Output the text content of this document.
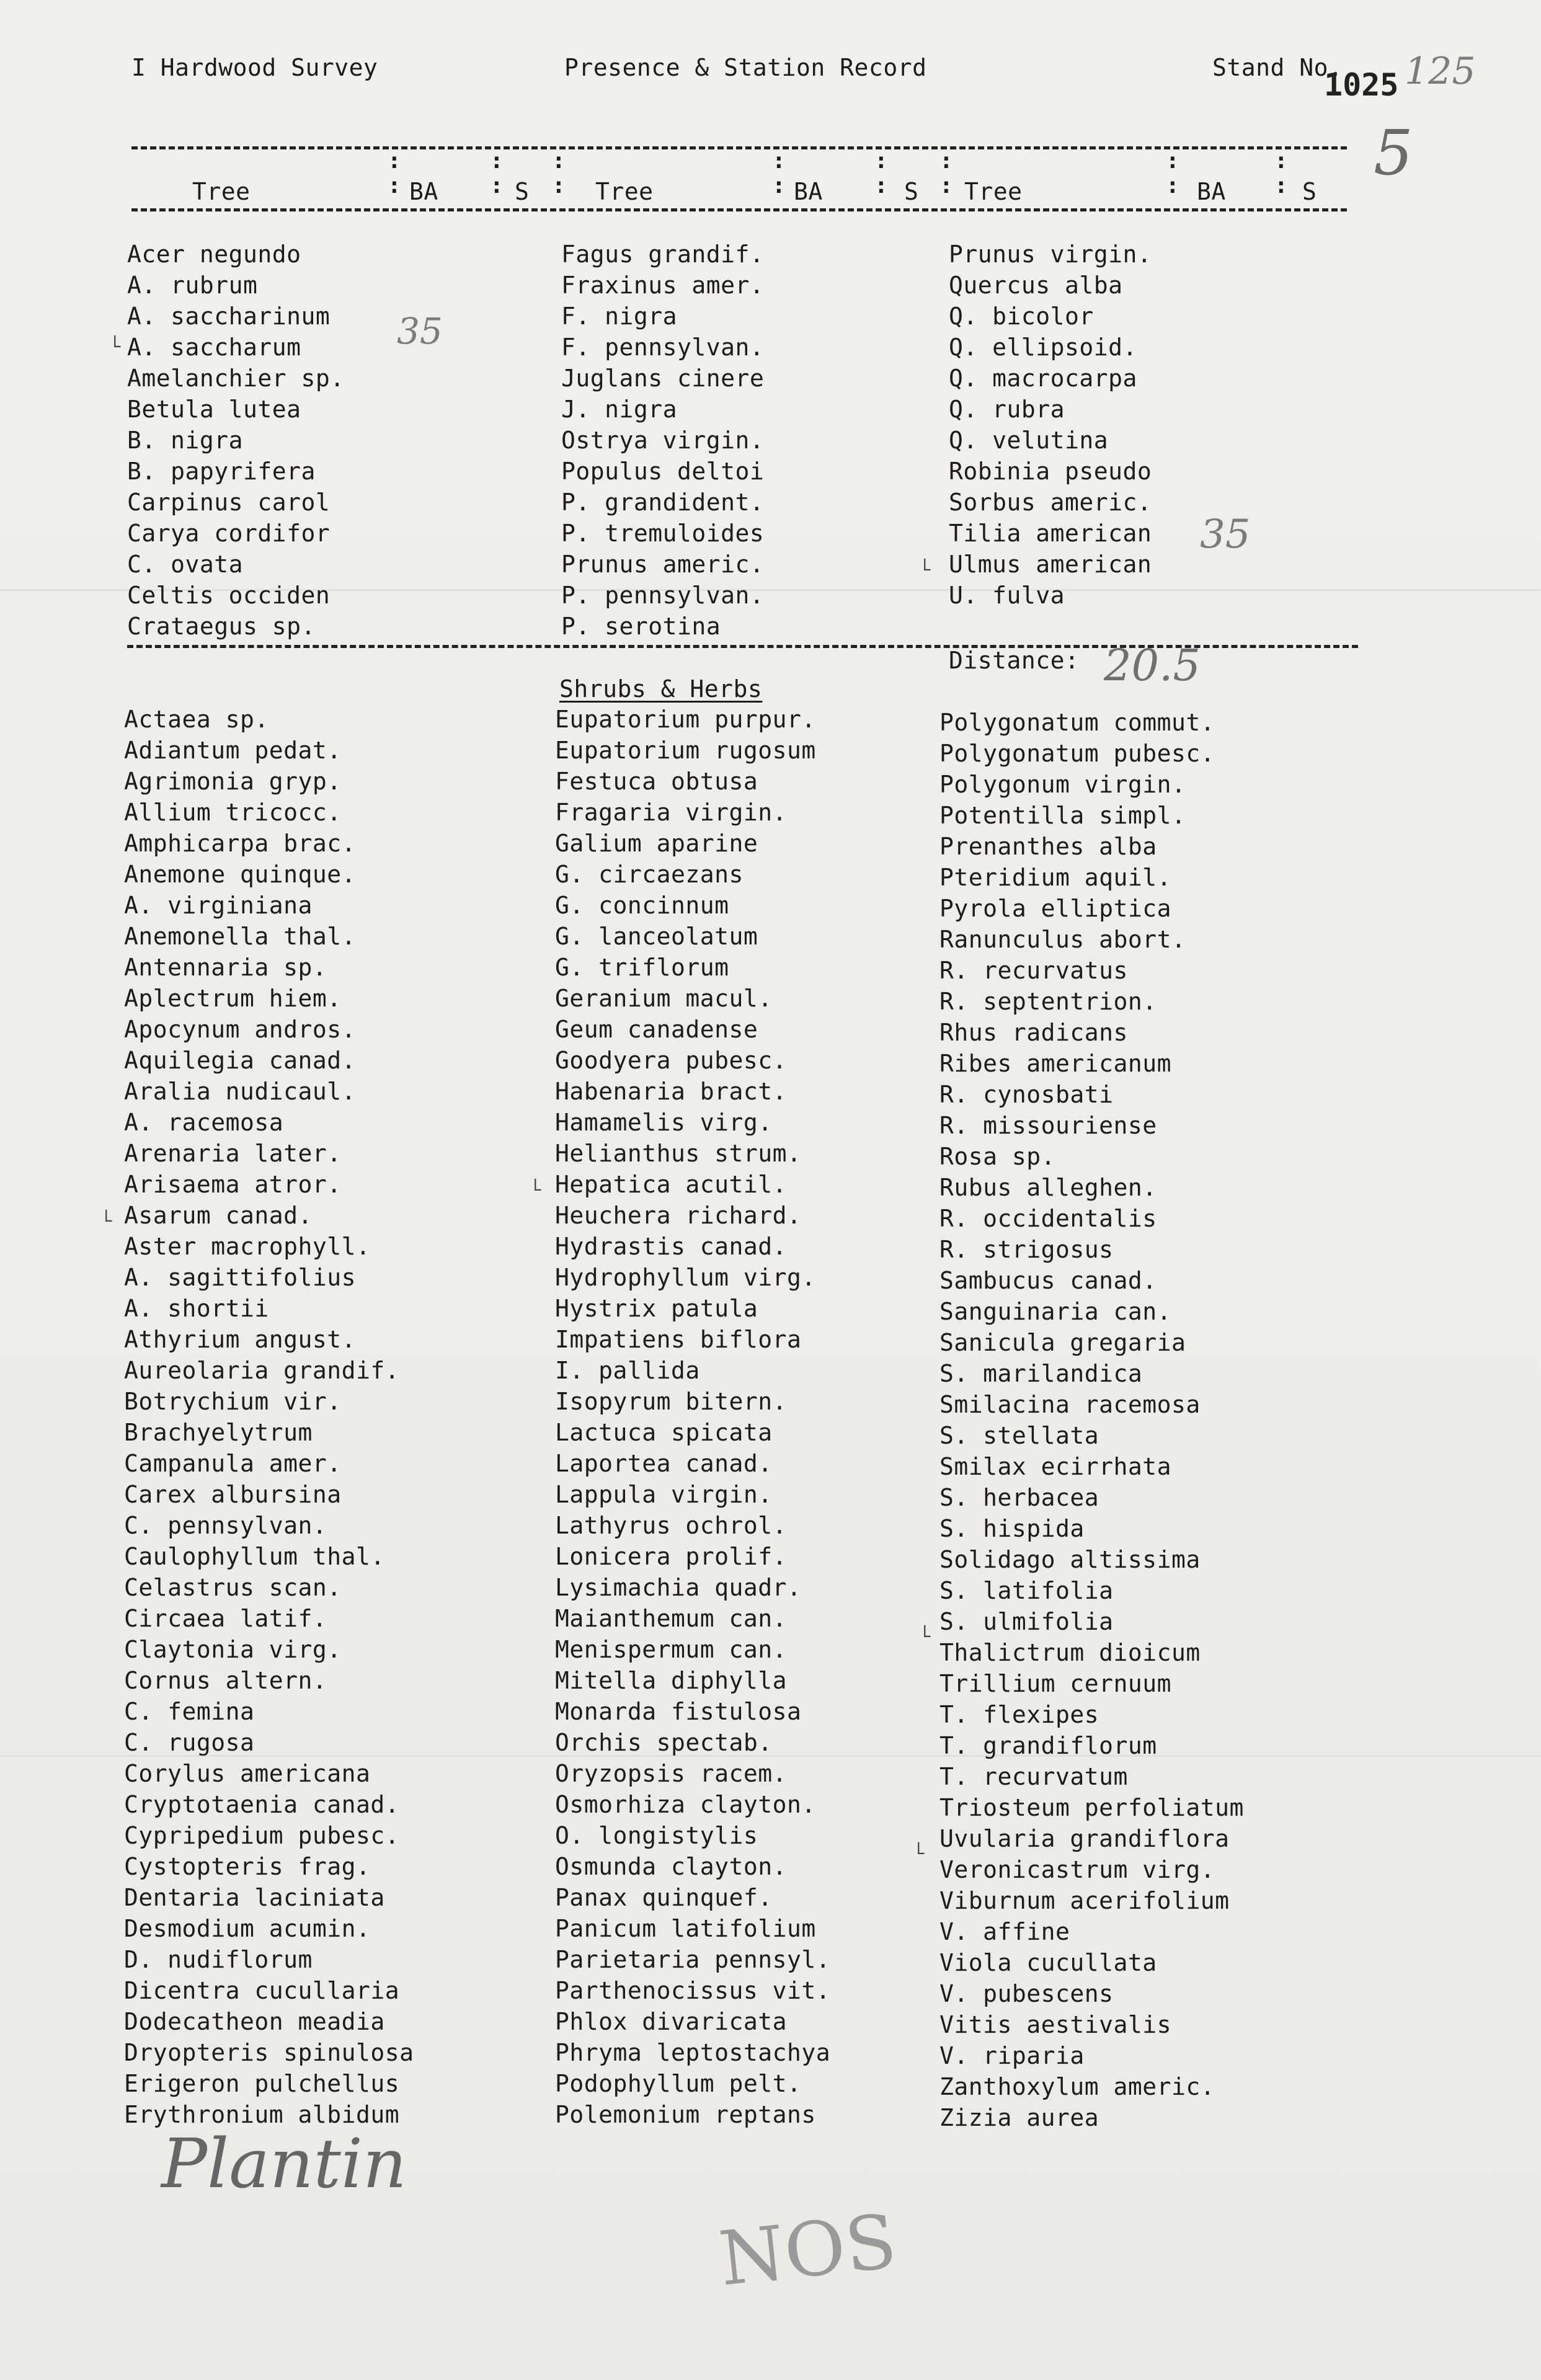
I Hardwood Survey	Presence & Station Record	Stand No.
1025 125
5
Tree
:
: BA
:
: S
:
: Tree
:
: BA
:
: S
:
: Tree
:
: BA
:
: S
Acer negundo
A. rubrum
A. saccharinum
A. saccharum
Amelanchier sp.
Betula lutea
B. nigra
B. papyrifera
Carpinus carol
Carya cordifor
C. ovata
Celtis occiden
Crataegus sp.
Fagus grandif.
Fraxinus amer.
F. nigra
F. pennsylvan.
Juglans cinere
J. nigra
Ostrya virgin.
Populus deltoi
P. grandident.
P. tremuloides
Prunus americ.
P. pennsylvan.
P. serotina
Prunus virgin.
Quercus alba
Q. bicolor
Q. ellipsoid.
Q. macrocarpa
Q. rubra
Q. velutina
Robinia pseudo
Sorbus americ.
Tilia american
Ulmus american
U. fulva
35
35
˪
˪
Distance: 20.5
Shrubs & Herbs
Actaea sp.
Adiantum pedat.
Agrimonia gryp.
Allium tricocc.
Amphicarpa brac.
Anemone quinque.
A. virginiana
Anemonella thal.
Antennaria sp.
Aplectrum hiem.
Apocynum andros.
Aquilegia canad.
Aralia nudicaul.
A. racemosa
Arenaria later.
Arisaema atror.
Asarum canad.
Aster macrophyll.
A. sagittifolius
A. shortii
Athyrium angust.
Aureolaria grandif.
Botrychium vir.
Brachyelytrum
Campanula amer.
Carex albursina
C. pennsylvan.
Caulophyllum thal.
Celastrus scan.
Circaea latif.
Claytonia virg.
Cornus altern.
C. femina
C. rugosa
Corylus americana
Cryptotaenia canad.
Cypripedium pubesc.
Cystopteris frag.
Dentaria laciniata
Desmodium acumin.
D. nudiflorum
Dicentra cucullaria
Dodecatheon meadia
Dryopteris spinulosa
Erigeron pulchellus
Erythronium albidum
Eupatorium purpur.
Eupatorium rugosum
Festuca obtusa
Fragaria virgin.
Galium aparine
G. circaezans
G. concinnum
G. lanceolatum
G. triflorum
Geranium macul.
Geum canadense
Goodyera pubesc.
Habenaria bract.
Hamamelis virg.
Helianthus strum.
Hepatica acutil.
Heuchera richard.
Hydrastis canad.
Hydrophyllum virg.
Hystrix patula
Impatiens biflora
I. pallida
Isopyrum bitern.
Lactuca spicata
Laportea canad.
Lappula virgin.
Lathyrus ochrol.
Lonicera prolif.
Lysimachia quadr.
Maianthemum can.
Menispermum can.
Mitella diphylla
Monarda fistulosa
Orchis spectab.
Oryzopsis racem.
Osmorhiza clayton.
O. longistylis
Osmunda clayton.
Panax quinquef.
Panicum latifolium
Parietaria pennsyl.
Parthenocissus vit.
Phlox divaricata
Phryma leptostachya
Podophyllum pelt.
Polemonium reptans
Polygonatum commut.
Polygonatum pubesc.
Polygonum virgin.
Potentilla simpl.
Prenanthes alba
Pteridium aquil.
Pyrola elliptica
Ranunculus abort.
R. recurvatus
R. septentrion.
Rhus radicans
Ribes americanum
R. cynosbati
R. missouriense
Rosa sp.
Rubus alleghen.
R. occidentalis
R. strigosus
Sambucus canad.
Sanguinaria can.
Sanicula gregaria
S. marilandica
Smilacina racemosa
S. stellata
Smilax ecirrhata
S. herbacea
S. hispida
Solidago altissima
S. latifolia
S. ulmifolia
Thalictrum dioicum
Trillium cernuum
T. flexipes
T. grandiflorum
T. recurvatum
Triosteum perfoliatum
Uvularia grandiflora
Veronicastrum virg.
Viburnum acerifolium
V. affine
Viola cucullata
V. pubescens
Vitis aestivalis
V. riparia
Zanthoxylum americ.
Zizia aurea
˪
˪
˪
˪
Plantin
NOS
